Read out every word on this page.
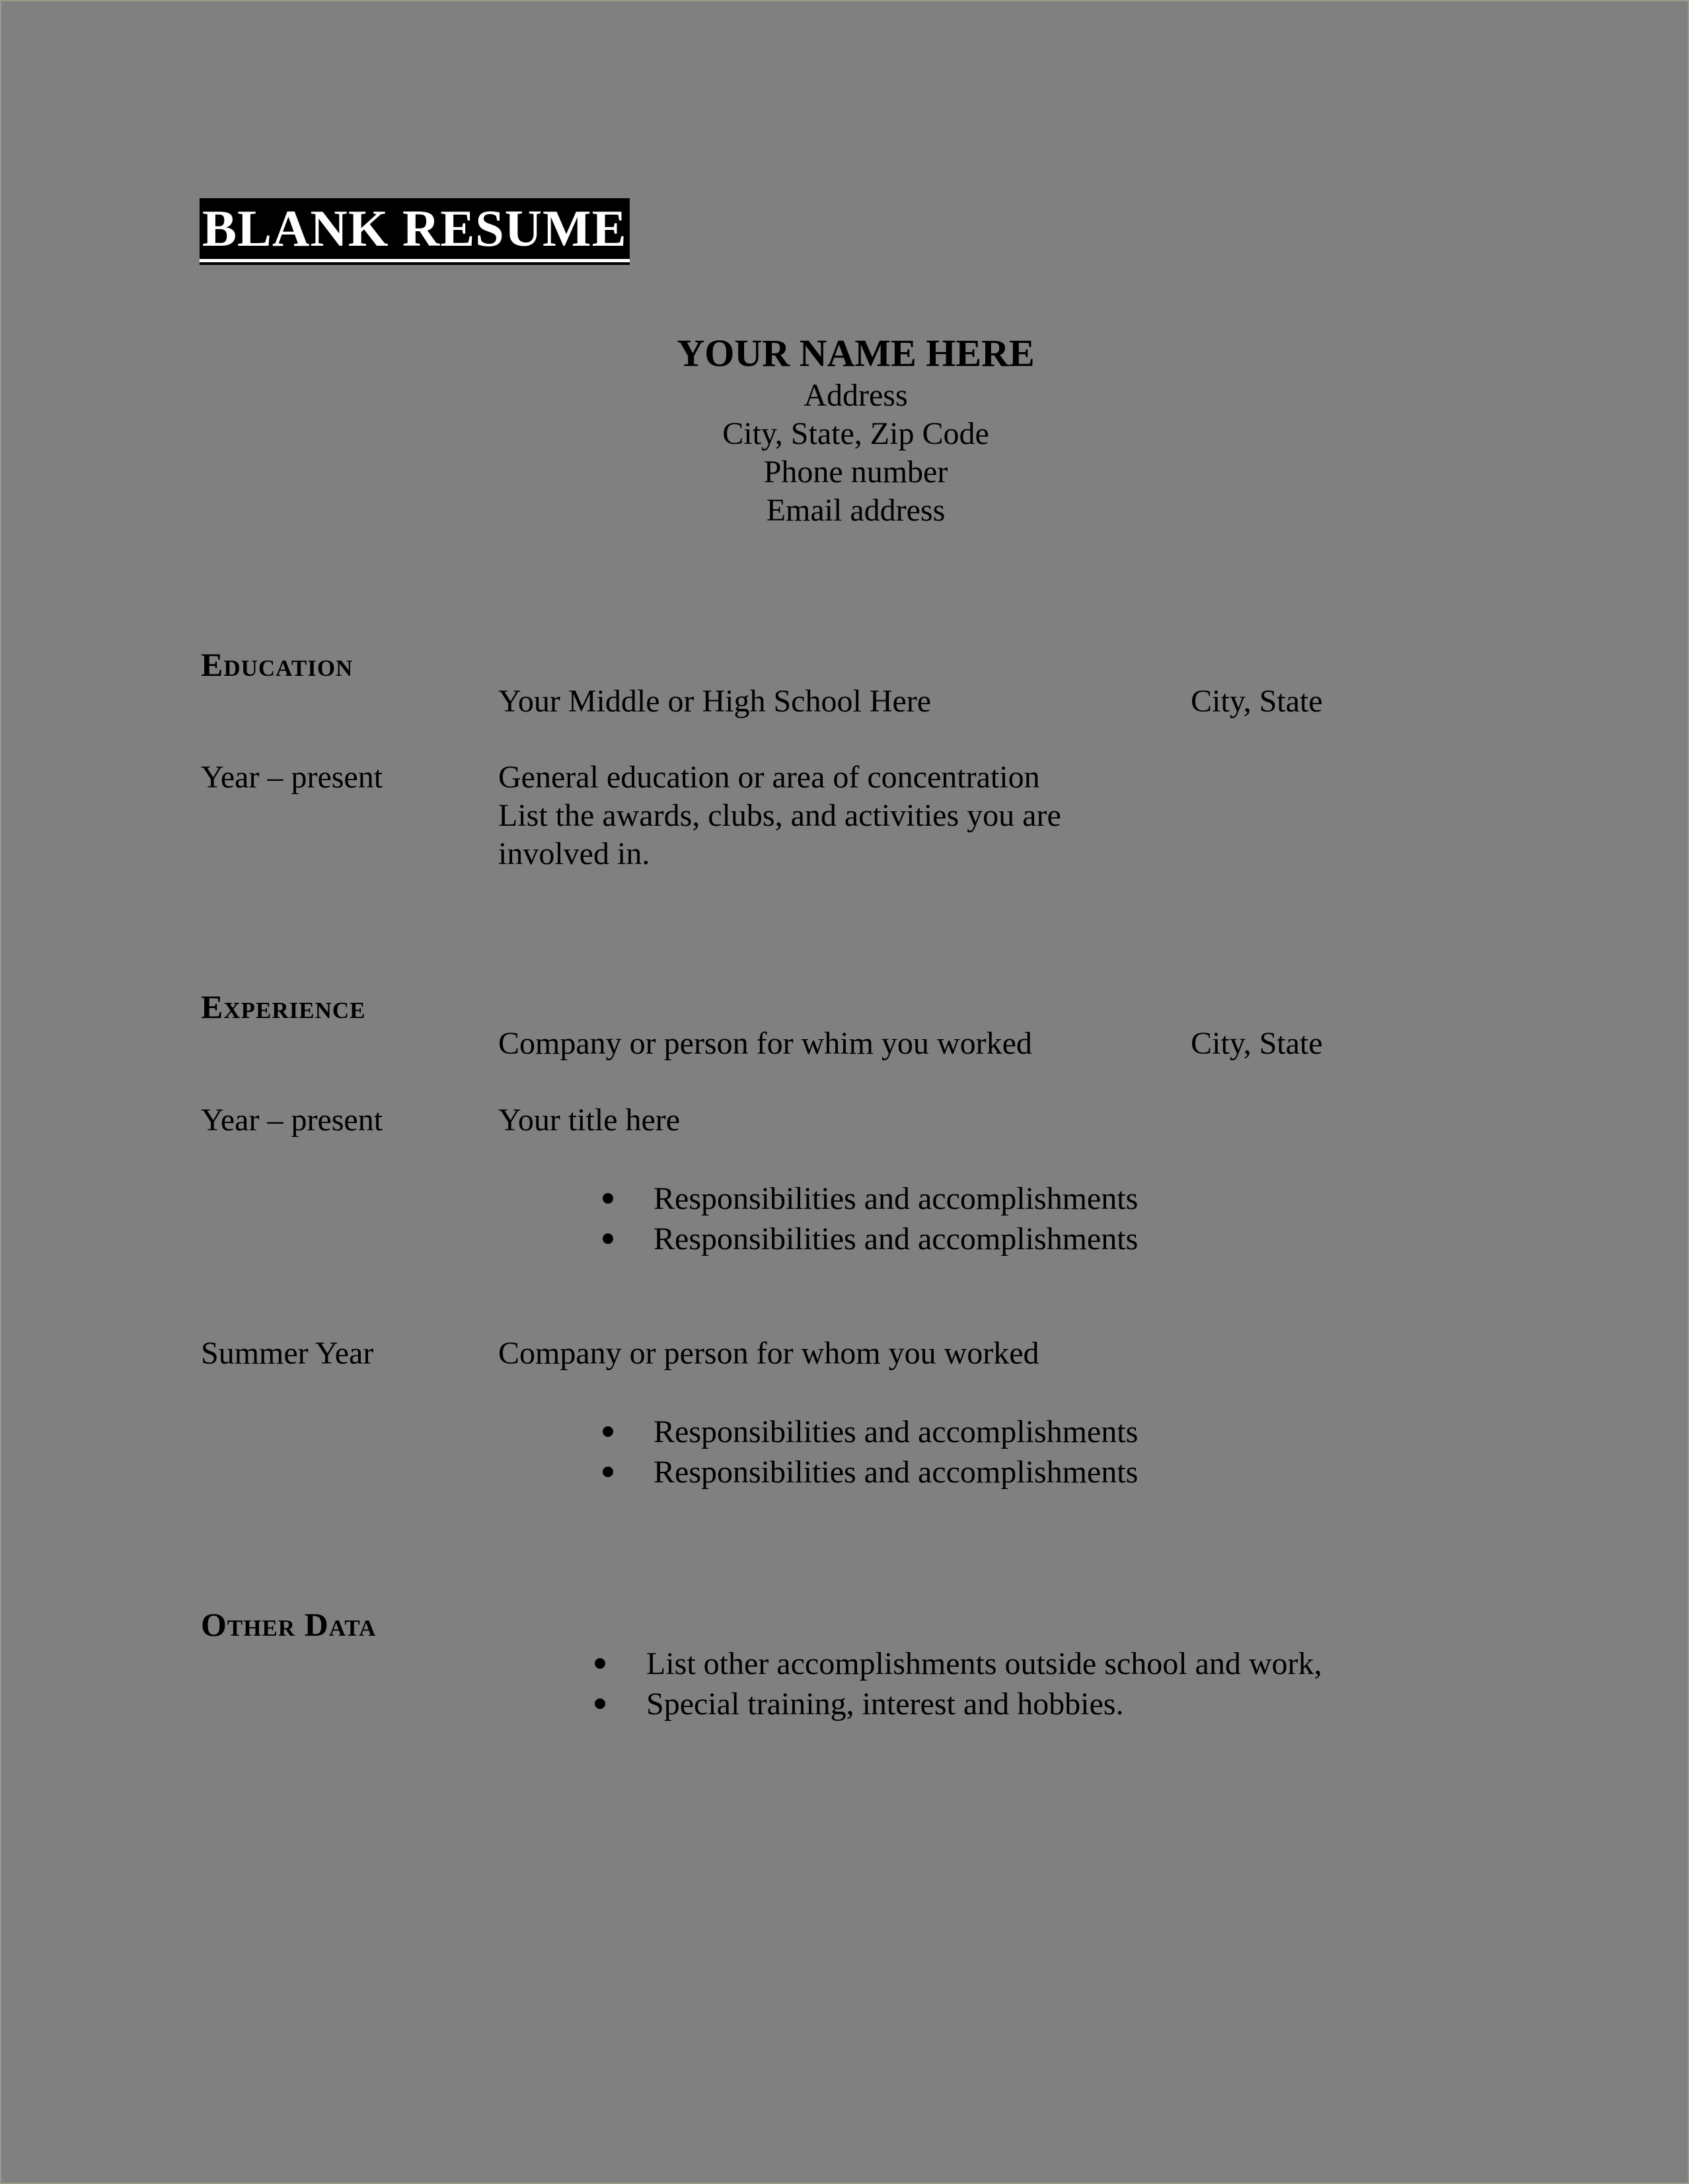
BLANK RESUME

YOUR NAME HERE

Address

City, State, Zip Code

Phone number

Email address

Education
Your Middle or High School Here	City, State
Year – present	General education or area of concentration
List the awards, clubs, and activities you are
involved in.
Experience
Company or person for whim you worked	City, State
Year – present	Your title here
Responsibilities and accomplishments
Responsibilities and accomplishments
Summer Year	Company or person for whom you worked
Responsibilities and accomplishments
Responsibilities and accomplishments
Other Data
List other accomplishments outside school and work,
Special training, interest and hobbies.
